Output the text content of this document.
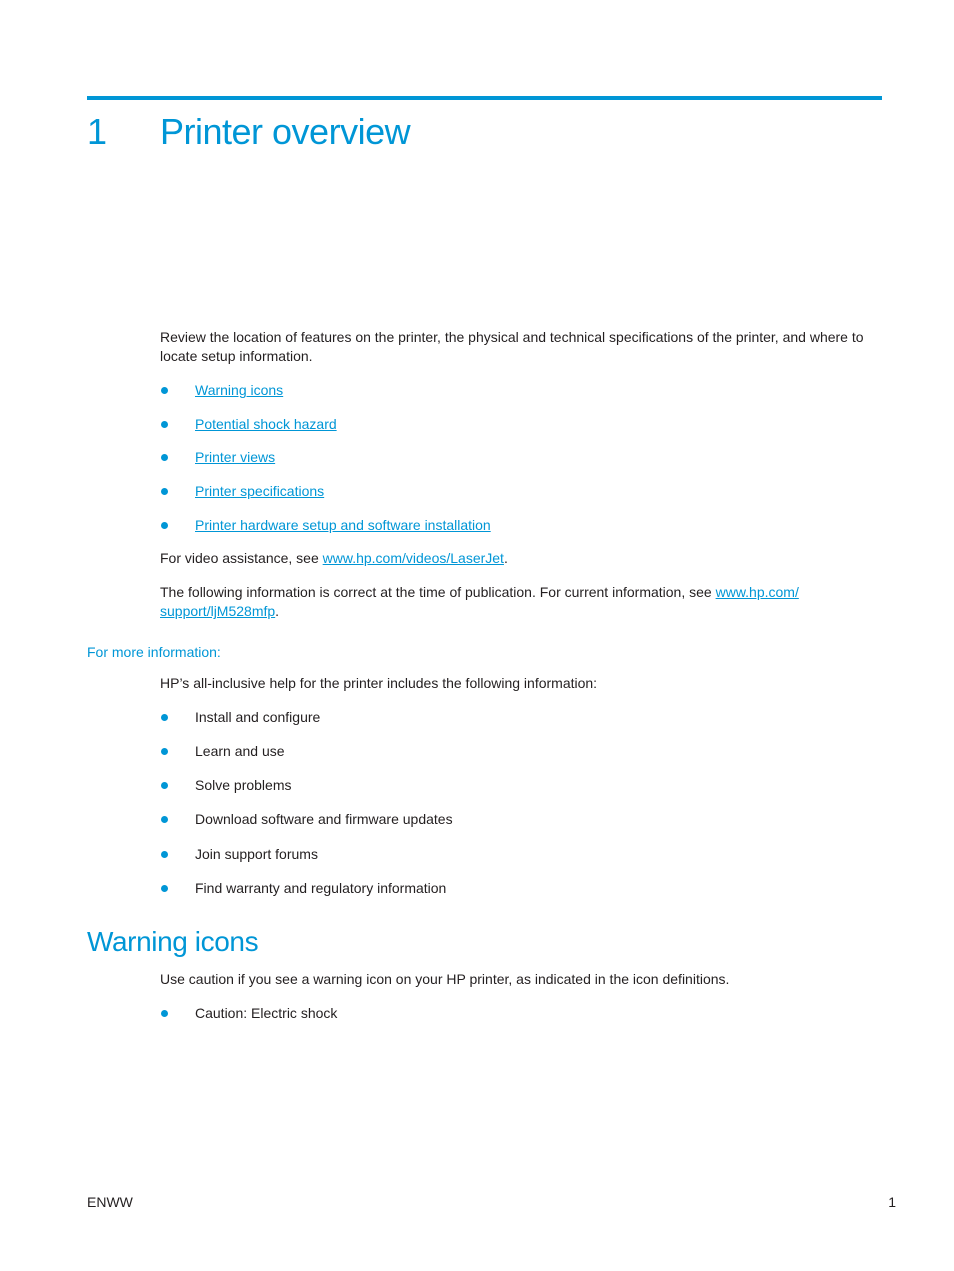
1 Printer overview
Review the location of features on the printer, the physical and technical specifications of the printer, and where to locate setup information.
Warning icons
Potential shock hazard
Printer views
Printer specifications
Printer hardware setup and software installation
For video assistance, see www.hp.com/videos/LaserJet.
The following information is correct at the time of publication. For current information, see www.hp.com/
support/ljM528mfp.
For more information:
HP’s all-inclusive help for the printer includes the following information:
Install and configure
Learn and use
Solve problems
Download software and firmware updates
Join support forums
Find warranty and regulatory information
Warning icons
Use caution if you see a warning icon on your HP printer, as indicated in the icon definitions.
Caution: Electric shock
ENWW	1
